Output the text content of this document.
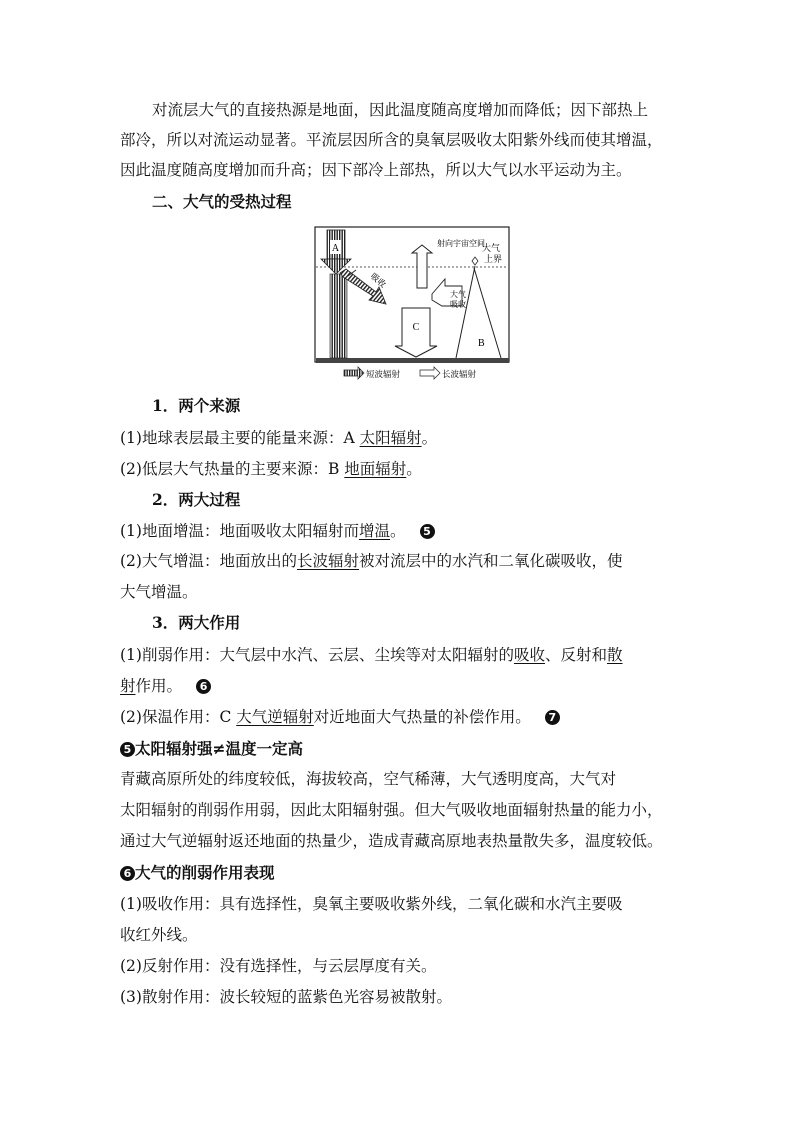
对流层大气的直接热源是地面，因此温度随高度增加而降低；因下部热上
部冷，所以对流运动显著。平流层因所含的臭氧层吸收太阳紫外线而使其增温，
因此温度随高度增加而升高；因下部冷上部热，所以大气以水平运动为主。
二、大气的受热过程
A
吸收
射向宇宙空间
C
大气
上界
B
大气
吸收
短波辐射	长波辐射
1．两个来源
(1)地球表层最主要的能量来源：A 太阳辐射。
(2)低层大气热量的主要来源：B 地面辐射。
2．两大过程
(1)地面增温：地面吸收太阳辐射而增温。 5
(2)大气增温：地面放出的长波辐射被对流层中的水汽和二氧化碳吸收，使
大气增温。
3．两大作用
(1)削弱作用：大气层中水汽、云层、尘埃等对太阳辐射的吸收、反射和散
射作用。 6
(2)保温作用：C 大气逆辐射对近地面大气热量的补偿作用。 7
5 太阳辐射强≠温度一定高
青藏高原所处的纬度较低，海拔较高，空气稀薄，大气透明度高，大气对
太阳辐射的削弱作用弱，因此太阳辐射强。但大气吸收地面辐射热量的能力小，
通过大气逆辐射返还地面的热量少，造成青藏高原地表热量散失多，温度较低。
6 大气的削弱作用表现
(1)吸收作用：具有选择性，臭氧主要吸收紫外线，二氧化碳和水汽主要吸
收红外线。
(2)反射作用：没有选择性，与云层厚度有关。
(3)散射作用：波长较短的蓝紫色光容易被散射。
